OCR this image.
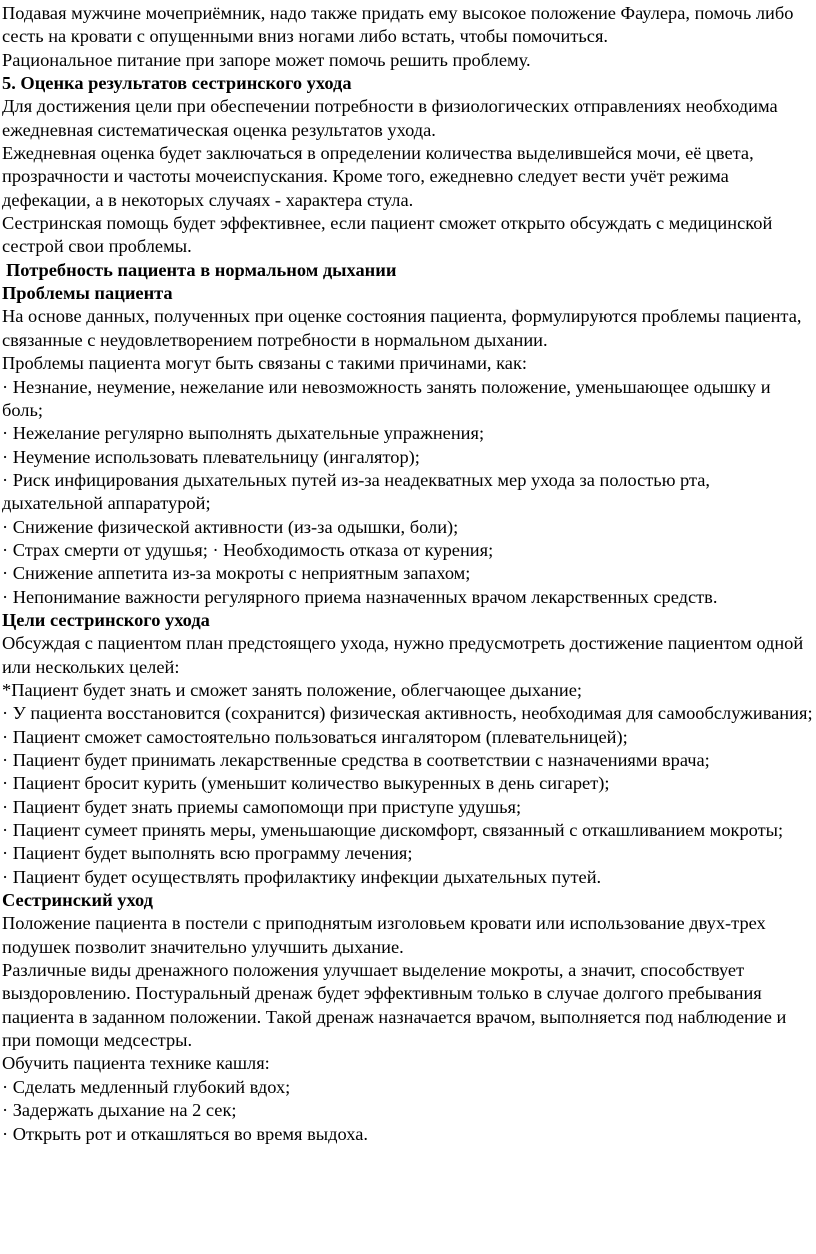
Подавая мужчине мочеприёмник, надо также придать ему высокое положение Фаулера, помочь либо сесть на кровати с опущенными вниз ногами либо встать, чтобы помочиться.

Рациональное питание при запоре может помочь решить проблему.

5. Оценка результатов сестринского ухода

Для достижения цели при обеспечении потребности в физиологических отправлениях необходима ежедневная систематическая оценка результатов ухода.

Ежедневная оценка будет заключаться в определении количества выделившейся мочи, её цвета, прозрачности и частоты мочеиспускания. Кроме того, ежедневно следует вести учёт режима дефекации, а в некоторых случаях - характера стула.

Сестринская помощь будет эффективнее, если пациент сможет открыто обсуждать с медицинской сестрой свои проблемы.

Потребность пациента в нормальном дыхании

Проблемы пациента

На основе данных, полученных при оценке состояния пациента, формулируются проблемы пациента, связанные с неудовлетворением потребности в нормальном дыхании.

Проблемы пациента могут быть связаны с такими причинами, как:

· Незнание, неумение, нежелание или невозможность занять положение, уменьшающее одышку и боль;

· Нежелание регулярно выполнять дыхательные упражнения;

· Неумение использовать плевательницу (ингалятор);

· Риск инфицирования дыхательных путей из-за неадекватных мер ухода за полостью рта, дыхательной аппаратурой;

· Снижение физической активности (из-за одышки, боли);

· Страх смерти от удушья; · Необходимость отказа от курения;

· Снижение аппетита из-за мокроты с неприятным запахом;

· Непонимание важности регулярного приема назначенных врачом лекарственных средств.

Цели сестринского ухода

Обсуждая с пациентом план предстоящего ухода, нужно предусмотреть достижение пациентом одной или нескольких целей:

*Пациент будет знать и сможет занять положение, облегчающее дыхание;

· У пациента восстановится (сохранится) физическая активность, необходимая для самообслуживания;

· Пациент сможет самостоятельно пользоваться ингалятором (плевательницей);

· Пациент будет принимать лекарственные средства в соответствии с назначениями врача;

· Пациент бросит курить (уменьшит количество выкуренных в день сигарет);

· Пациент будет знать приемы самопомощи при приступе удушья;

· Пациент сумеет принять меры, уменьшающие дискомфорт, связанный с откашливанием мокроты;

· Пациент будет выполнять всю программу лечения;

· Пациент будет осуществлять профилактику инфекции дыхательных путей.

Сестринский уход

Положение пациента в постели с приподнятым изголовьем кровати или использование двух-трех подушек позволит значительно улучшить дыхание.

Различные виды дренажного положения улучшает выделение мокроты, а значит, способствует выздоровлению. Постуральный дренаж будет эффективным только в случае долгого пребывания пациента в заданном положении. Такой дренаж назначается врачом, выполняется под наблюдение и при помощи медсестры.

Обучить пациента технике кашля:

· Сделать медленный глубокий вдох;

· Задержать дыхание на 2 сек;

· Открыть рот и откашляться во время выдоха.
